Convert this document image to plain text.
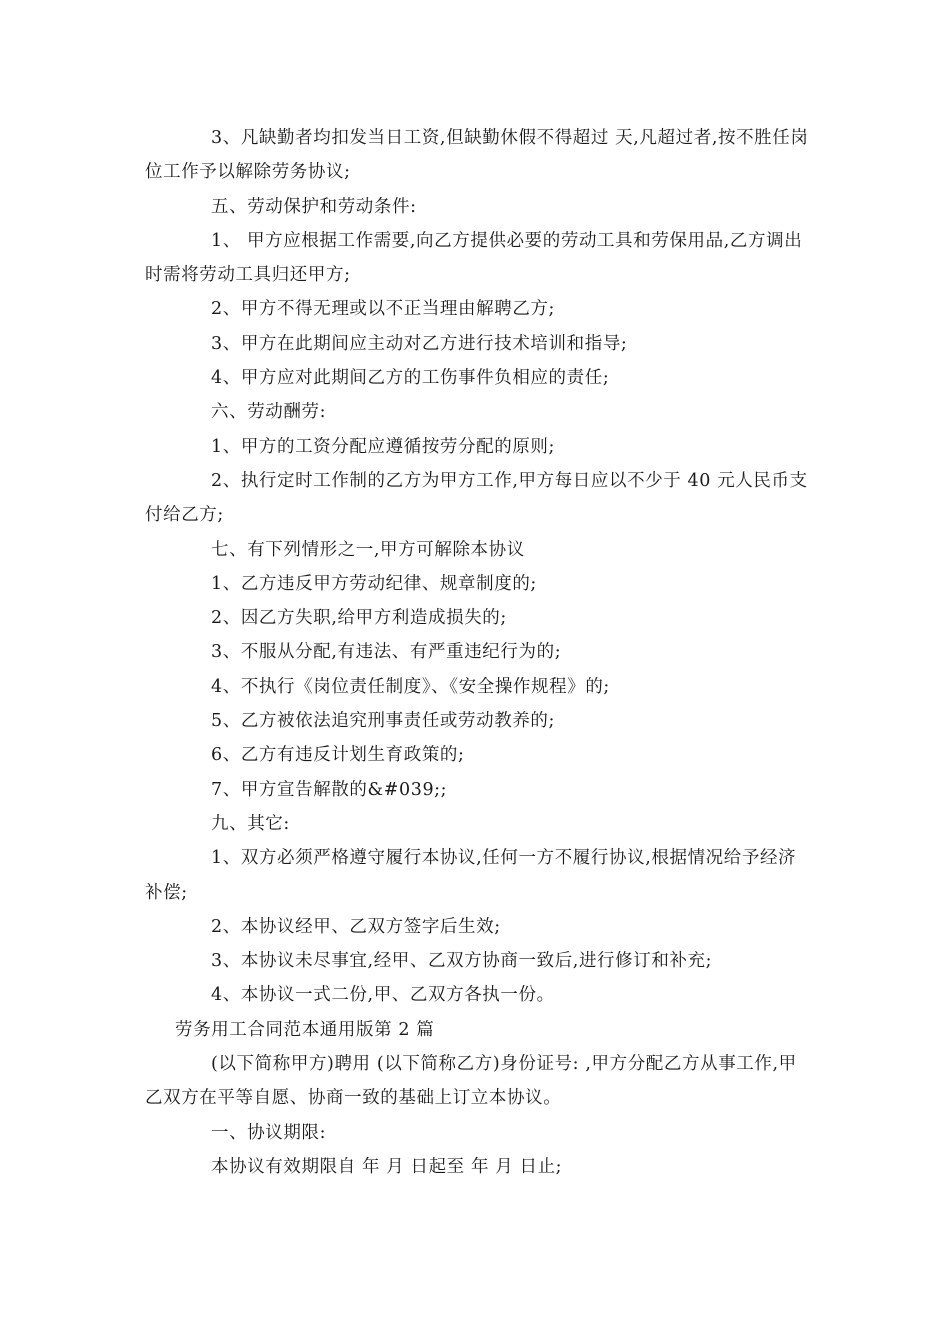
3、凡缺勤者均扣发当日工资,但缺勤休假不得超过 天,凡超过者,按不胜任岗位工作予以解除劳务协议;

五、劳动保护和劳动条件:

1、 甲方应根据工作需要,向乙方提供必要的劳动工具和劳保用品,乙方调出时需将劳动工具归还甲方;

2、甲方不得无理或以不正当理由解聘乙方;

3、甲方在此期间应主动对乙方进行技术培训和指导;

4、甲方应对此期间乙方的工伤事件负相应的责任;

六、劳动酬劳:

1、甲方的工资分配应遵循按劳分配的原则;

2、执行定时工作制的乙方为甲方工作,甲方每日应以不少于 40 元人民币支付给乙方;

七、有下列情形之一,甲方可解除本协议

1、乙方违反甲方劳动纪律、规章制度的;

2、因乙方失职,给甲方利造成损失的;

3、不服从分配,有违法、有严重违纪行为的;

4、不执行《岗位责任制度》、《安全操作规程》的;

5、乙方被依法追究刑事责任或劳动教养的;

6、乙方有违反计划生育政策的;

7、甲方宣告解散的&#039;;

九、其它:

1、双方必须严格遵守履行本协议,任何一方不履行协议,根据情况给予经济补偿;

2、本协议经甲、乙双方签字后生效;

3、本协议未尽事宜,经甲、乙双方协商一致后,进行修订和补充;

4、本协议一式二份,甲、乙双方各执一份。

劳务用工合同范本通用版第 2 篇

(以下简称甲方)聘用 (以下简称乙方)身份证号: ,甲方分配乙方从事工作,甲乙双方在平等自愿、协商一致的基础上订立本协议。

一、协议期限:

本协议有效期限自 年 月 日起至 年 月 日止;
